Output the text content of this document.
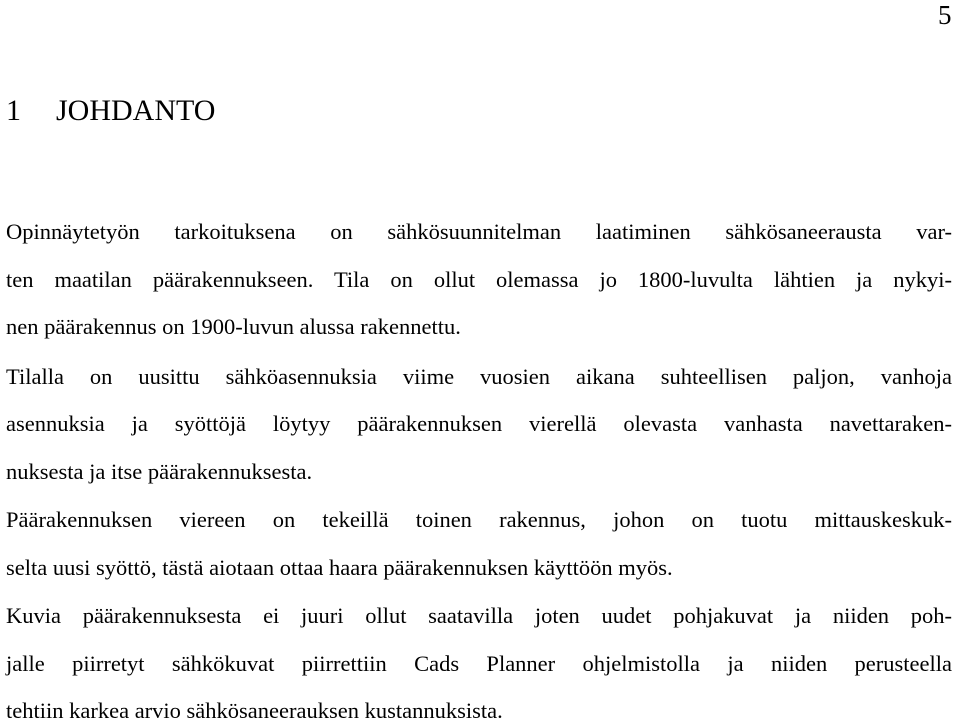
5
1 JOHDANTO
Opinnäytetyön tarkoituksena on sähkösuunnitelman laatiminen sähkösaneerausta var-
ten maatilan päärakennukseen. Tila on ollut olemassa jo 1800-luvulta lähtien ja nykyi-
nen päärakennus on 1900-luvun alussa rakennettu.
Tilalla on uusittu sähköasennuksia viime vuosien aikana suhteellisen paljon, vanhoja
asennuksia ja syöttöjä löytyy päärakennuksen vierellä olevasta vanhasta navettaraken-
nuksesta ja itse päärakennuksesta.
Päärakennuksen viereen on tekeillä toinen rakennus, johon on tuotu mittauskeskuk-
selta uusi syöttö, tästä aiotaan ottaa haara päärakennuksen käyttöön myös.
Kuvia päärakennuksesta ei juuri ollut saatavilla joten uudet pohjakuvat ja niiden poh-
jalle piirretyt sähkökuvat piirrettiin Cads Planner ohjelmistolla ja niiden perusteella
tehtiin karkea arvio sähkösaneerauksen kustannuksista.
